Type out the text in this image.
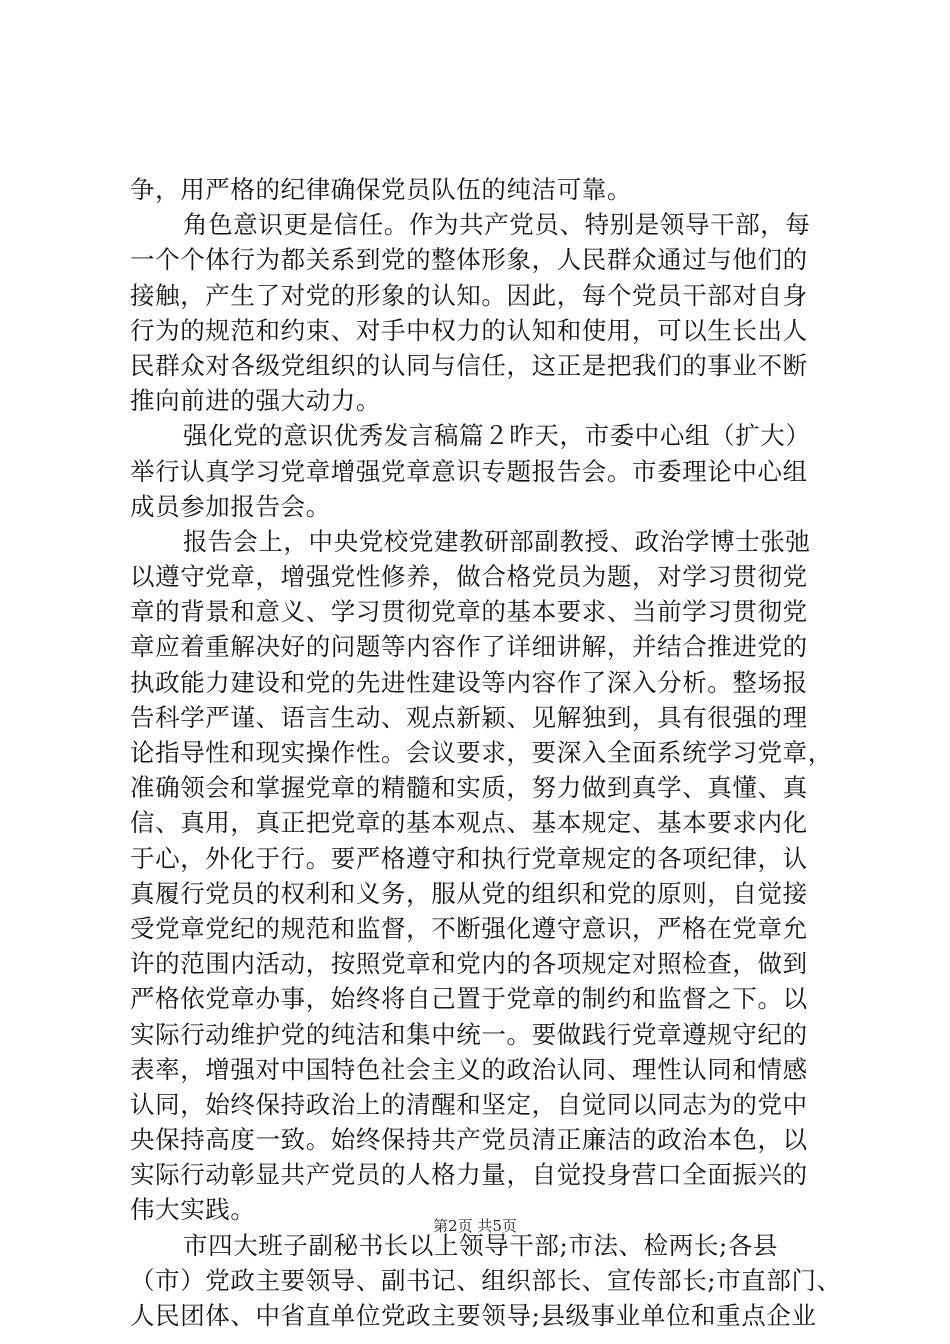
争，用严格的纪律确保党员队伍的纯洁可靠。
角色意识更是信任。作为共产党员、特别是领导干部，每
一个个体行为都关系到党的整体形象，人民群众通过与他们的
接触，产生了对党的形象的认知。因此，每个党员干部对自身
行为的规范和约束、对手中权力的认知和使用，可以生长出人
民群众对各级党组织的认同与信任，这正是把我们的事业不断
推向前进的强大动力。
强化党的意识优秀发言稿篇２昨天，市委中心组（扩大）
举行认真学习党章增强党章意识专题报告会。市委理论中心组
成员参加报告会。
报告会上，中央党校党建教研部副教授、政治学博士张弛
以遵守党章，增强党性修养，做合格党员为题，对学习贯彻党
章的背景和意义、学习贯彻党章的基本要求、当前学习贯彻党
章应着重解决好的问题等内容作了详细讲解，并结合推进党的
执政能力建设和党的先进性建设等内容作了深入分析。整场报
告科学严谨、语言生动、观点新颖、见解独到，具有很强的理
论指导性和现实操作性。会议要求，要深入全面系统学习党章，
准确领会和掌握党章的精髓和实质，努力做到真学、真懂、真
信、真用，真正把党章的基本观点、基本规定、基本要求内化
于心，外化于行。要严格遵守和执行党章规定的各项纪律，认
真履行党员的权利和义务，服从党的组织和党的原则，自觉接
受党章党纪的规范和监督，不断强化遵守意识，严格在党章允
许的范围内活动，按照党章和党内的各项规定对照检查，做到
严格依党章办事，始终将自己置于党章的制约和监督之下。以
实际行动维护党的纯洁和集中统一。要做践行党章遵规守纪的
表率，增强对中国特色社会主义的政治认同、理性认同和情感
认同，始终保持政治上的清醒和坚定，自觉同以同志为的党中
央保持高度一致。始终保持共产党员清正廉洁的政治本色，以
实际行动彰显共产党员的人格力量，自觉投身营口全面振兴的
伟大实践。
市四大班子副秘书长以上领导干部;市法、检两长;各县
（市）党政主要领导、副书记、组织部长、宣传部长;市直部门、
人民团体、中省直单位党政主要领导;县级事业单位和重点企业
第2页 共5页
